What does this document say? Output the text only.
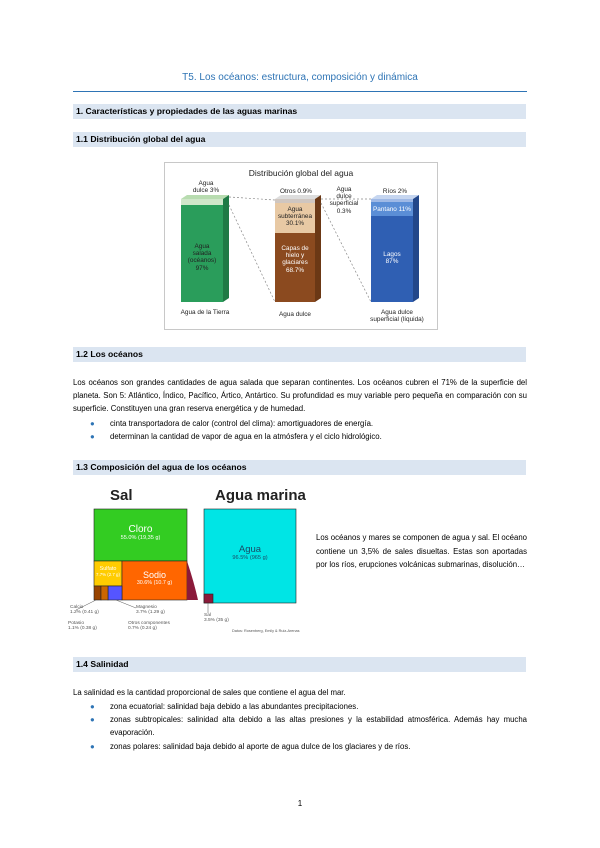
T5. Los océanos: estructura, composición y dinámica
1. Características y propiedades de las aguas marinas
1.1 Distribución global del agua
Distribución global del agua
Agua
dulce 3%
Agua de la Tierra
Otros 0.9%
Agua dulce
Agua
dulce
superficial
0.3%
Ríos 2%
Agua dulce
superficial (líquida)
Agua
salada
(océanos)
97%
Agua
subterránea
30.1%
Capas de
hielo y
glaciares
68.7%
Pantano 11%
Lagos
87%
1.2 Los océanos
Los océanos son grandes cantidades de agua salada que separan continentes. Los océanos cubren el 71% de la superficie del planeta. Son 5: Atlántico, Índico, Pacífico, Ártico, Antártico. Su profundidad es muy variable pero pequeña en comparación con su superficie. Constituyen una gran reserva energética y de humedad.
● cinta transportadora de calor (control del clima): amortiguadores de energía.
● determinan la cantidad de vapor de agua en la atmósfera y el ciclo hidrológico.
1.3 Composición del agua de los océanos
Sal	Agua marina
Cloro
55.0% (19,35 g)
Sodio
30.6% (10.7 g)
Sulfato
7.7% (2.7 g)
Agua
96.5% (965 g)
Calcio
1.2% (0.41 g)
Potasio
1.1% (0.38 g)
Magnesio
3.7% (1.29 g)
Otros componentes
0.7% (0.24 g)
Sal
3.5% (35 g)
Datos: Rosenberg, Emily & Ruiz-Arenas
Los océanos y mares se componen de agua y sal. El océano contiene un 3,5% de sales disueltas. Estas son aportadas por los ríos, erupciones volcánicas submarinas, disolución…
1.4 Salinidad
La salinidad es la cantidad proporcional de sales que contiene el agua del mar.
● zona ecuatorial: salinidad baja debido a las abundantes precipitaciones.
● zonas subtropicales: salinidad alta debido a las altas presiones y la estabilidad atmosférica. Además hay mucha evaporación.
● zonas polares: salinidad baja debido al aporte de agua dulce de los glaciares y de ríos.
1
